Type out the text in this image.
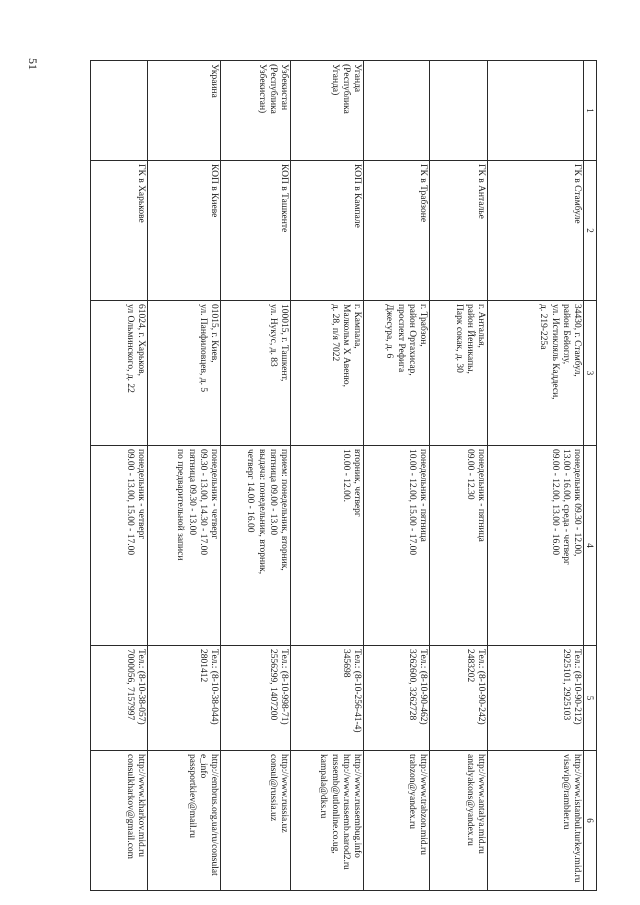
51
1	2	3	4	5	6
	ГК в Стамбуле	34430, г. Стамбул,
район Бейоглу,
ул. Истикляль Каддеси,
д. 219-225а	понедельник 09.30 - 12.00,
13.00 - 16.00, среда - четверг
09.00 - 12.00, 13.00 - 16.00	Тел.: (8-10-90-212)
2925101, 2925103	http://www.istanbul.turkey.mid.ru
visavip@rambler.ru

	ГК в Анталье	г. Анталья,
район Йеникапы,
Парк сокак, д. 30	понедельник - пятница
09.00 - 12.30	Тел.: (8-10-90-242)
2483202	http://www.antalya.mid.ru
antalyakons@yandex.ru

	ГК в Трабзоне	г. Трабзон,
район Ортахисар,
проспект Рефига
Джесура, д. 6	понедельник - пятница
10.00 - 12.00, 15.00 - 17.00	Тел.: (8-10-90-462)
3262600, 3262728	http://www.trabzon.mid.ru
trabzon@yandex.ru

Уганда
(Республика
Уганда)	КОП в Кампале	г. Кампала,
Малкольм Х Авеню,
д. 28, п/я 7022	вторник, четверг
10.00 - 12.00.	Тел.: (8-10-256-41-4)
345698	http://www.russembug.info
http://www.russemb.narod2.ru
russemb@utlonline.co.ug,
kampala@dks.ru

Узбекистан
(Республика
Узбекистан)	КОП в Ташкенте	100015, г. Ташкент,
ул. Нукус, д. 83	прием: понедельник, вторник,
пятница 09.00 - 13.00
выдача: понедельник, вторник,
четверг 14.00 - 16.00	Тел.: (8-10-998-71)
2556299, 1407200	http://www.russia.uz
consul@russia.uz

Украина	КОП в Киеве	01015, г. Киев,
ул. Панфиловцев, д. 5	понедельник - четверг
09.30 - 13.00, 14.30 - 17.00
пятница 09.30 - 13.00
по предварительной записи	Тел.: (8-10-38-044)
2801412	http://embrus.org.ua/ru/consulat
e_info
passportkiev@mail.ru

	ГК в Харькове	61024, г. Харьков,
ул Ольминского, д. 22	понедельник - четверг
09.00 - 13.00, 15.00 - 17.00	Тел.: (8-10-38-057)
7000056, 7157997	http://www.kharkov.mid.ru
consulkharkov@gmail.com
